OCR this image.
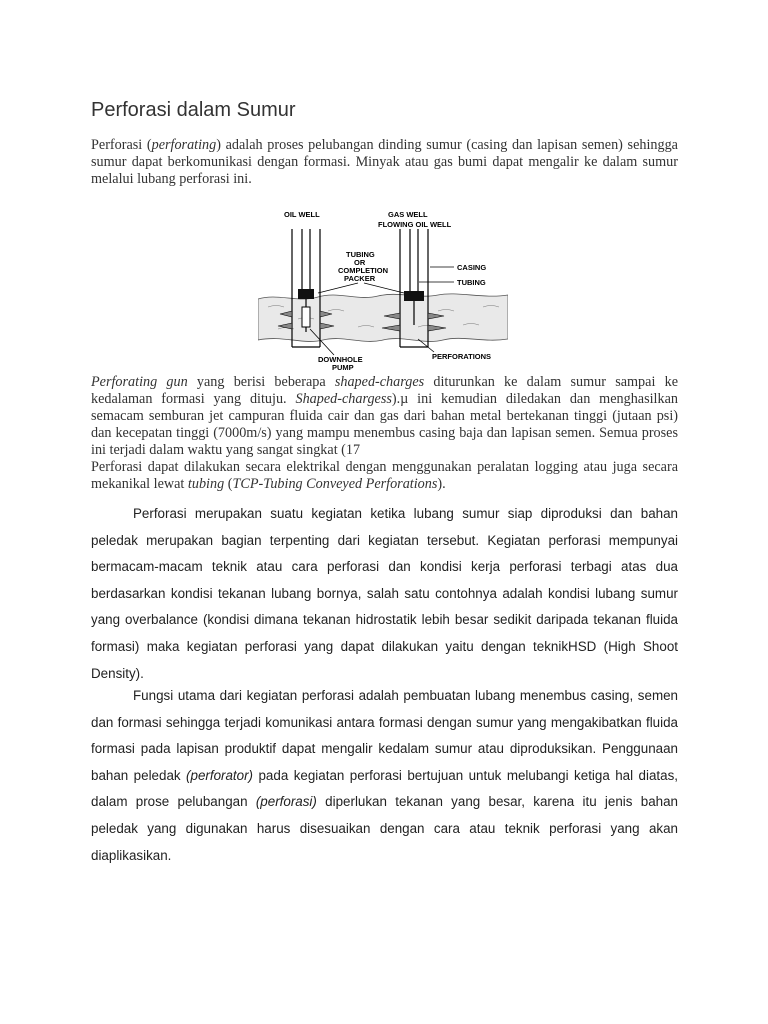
Perforasi dalam Sumur

Perforasi (perforating) adalah proses pelubangan dinding sumur (casing dan lapisan semen) sehingga sumur dapat berkomunikasi dengan formasi. Minyak atau gas bumi dapat mengalir ke dalam sumur melalui lubang perforasi ini.

OIL WELL	GAS WELL
FLOWING OIL WELL
TUBING
OR
COMPLETION
PACKER
CASING
TUBING
DOWNHOLE
PUMP
PERFORATIONS

Perforating gun yang berisi beberapa shaped-charges diturunkan ke dalam sumur sampai ke kedalaman formasi yang dituju. Shaped-chargess).µ ini kemudian diledakan dan menghasilkan semacam semburan jet campuran fluida cair dan gas dari bahan metal bertekanan tinggi (jutaan psi) dan kecepatan tinggi (7000m/s) yang mampu menembus casing baja dan lapisan semen. Semua proses ini terjadi dalam waktu yang sangat singkat (17
Perforasi dapat dilakukan secara elektrikal dengan menggunakan peralatan logging atau juga secara mekanikal lewat tubing (TCP-Tubing Conveyed Perforations).

Perforasi merupakan suatu kegiatan ketika lubang sumur siap diproduksi dan bahan peledak merupakan bagian terpenting dari kegiatan tersebut. Kegiatan perforasi mempunyai bermacam-macam teknik atau cara perforasi dan kondisi kerja perforasi terbagi atas dua berdasarkan kondisi tekanan lubang bornya, salah satu contohnya adalah kondisi lubang sumur yang overbalance (kondisi dimana tekanan hidrostatik lebih besar sedikit daripada tekanan fluida formasi) maka kegiatan perforasi yang dapat dilakukan yaitu dengan teknikHSD (High Shoot Density).

Fungsi utama dari kegiatan perforasi adalah pembuatan lubang menembus casing, semen dan formasi sehingga terjadi komunikasi antara formasi dengan sumur yang mengakibatkan fluida formasi pada lapisan produktif dapat mengalir kedalam sumur atau diproduksikan. Penggunaan bahan peledak (perforator) pada kegiatan perforasi bertujuan untuk melubangi ketiga hal diatas, dalam prose pelubangan (perforasi) diperlukan tekanan yang besar, karena itu jenis bahan peledak yang digunakan harus disesuaikan dengan cara atau teknik perforasi yang akan diaplikasikan.
